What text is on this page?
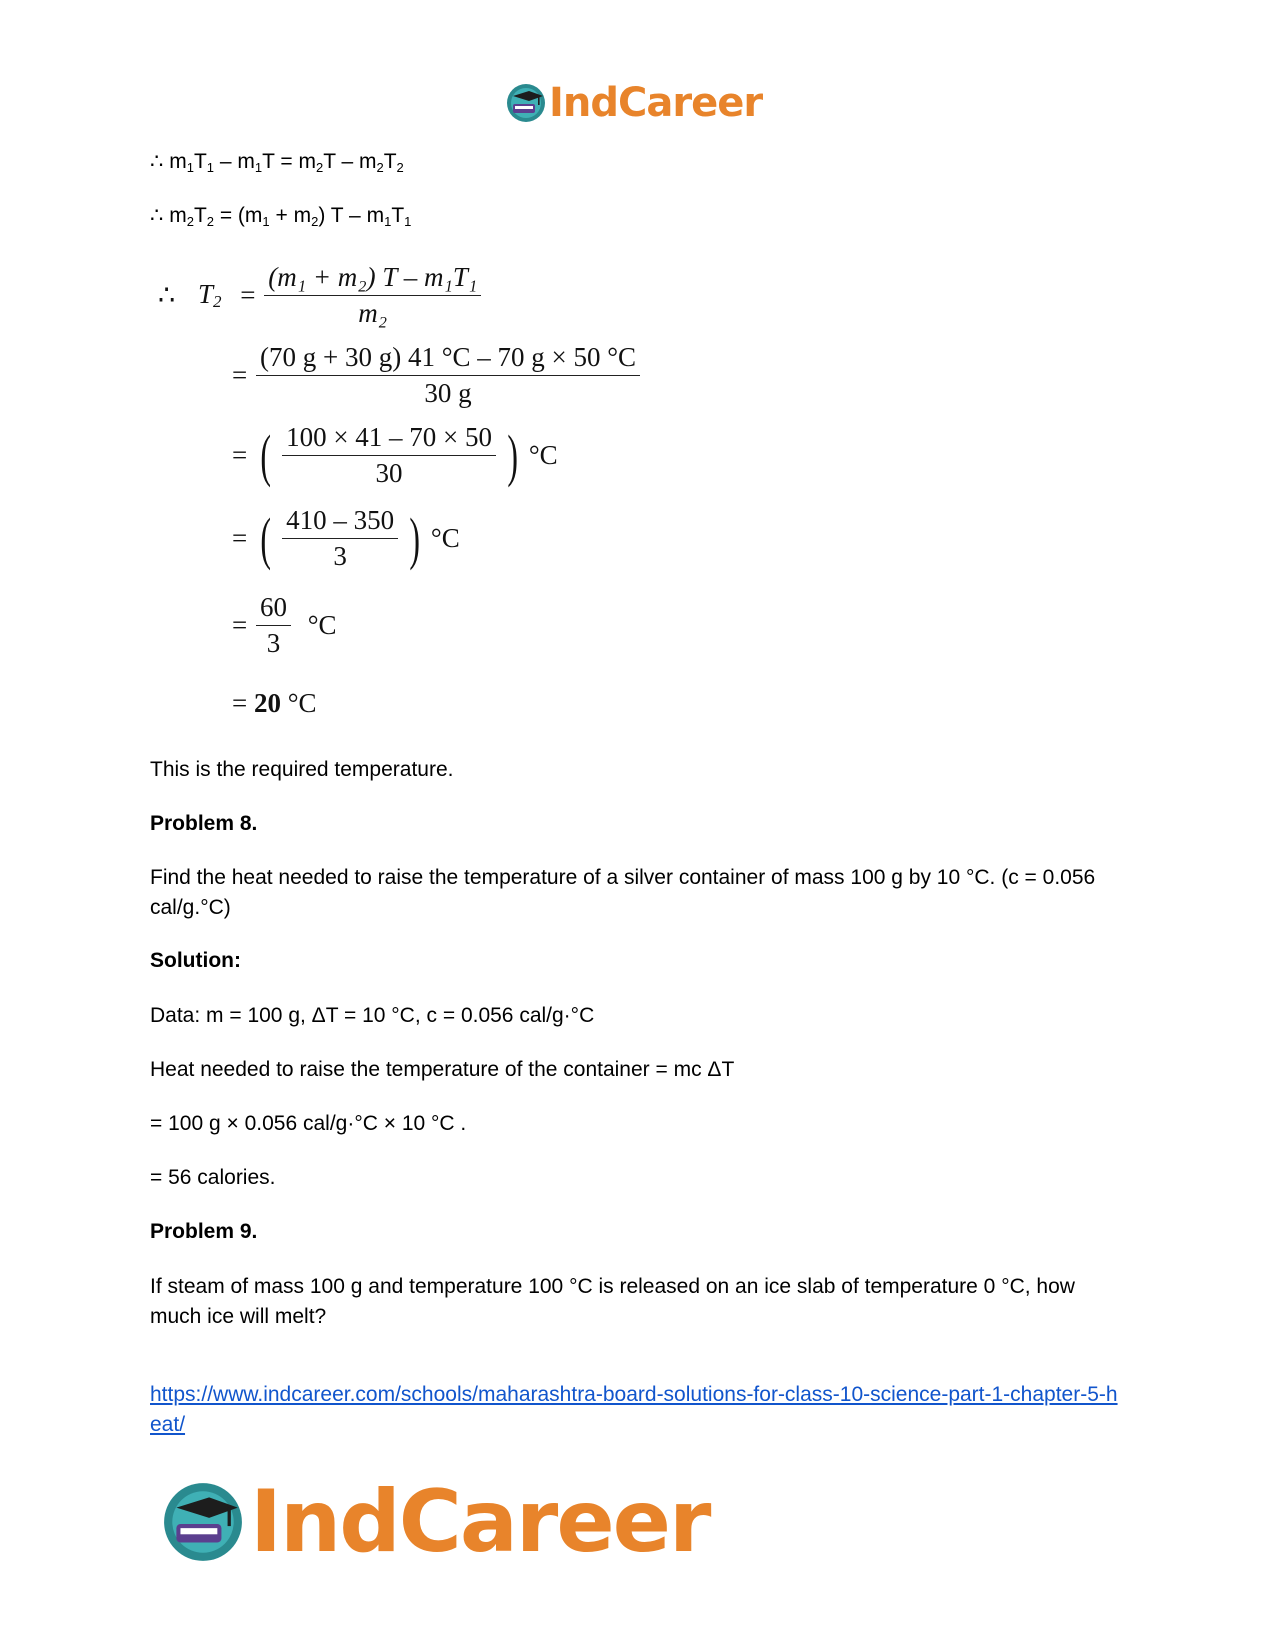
IndCareer
∴ $m_1T_1 - m_1T = m_2T - m_2T_2$
∴ $m_2T_2 = (m_1 + m_2)$ T – $m_1T_1$
∴ $T_2 = \frac{\text{(m₁ + m₂) T – m₁T₁}}{\text{m₂}}$
= $\frac{(70 g + 30 g) 41 ^\circ C - 70 g \times 50 ^\circ C}{30 g}$
= ( $\frac{100 \times 41 - 70 \times 50}{30}$ ) °C
= ( $\frac{410 - 350}{3}$ ) °C
= $\frac{60}{3} ^\circ C$
= 20 °C
This is the required temperature.
Problem 8.
Find the heat needed to raise the temperature of a silver container of mass 100 g by 10 °C. (c = 0.056 cal/g.°C)
Solution:
Data: m = 100 g, ΔT = 10 °C, c = 0.056 cal/g·°C
Heat needed to raise the temperature of the container = mc ΔT
= 100 g × 0.056 cal/g·°C × 10 °C .
= 56 calories.
Problem 9.
If steam of mass 100 g and temperature 100 °C is released on an ice slab of temperature 0 °C, how much ice will melt?
https://www.indcareer.com/schools/maharashtra-board-solutions-for-class-10-science-part-1-chapter-5-heat/
IndCareer
